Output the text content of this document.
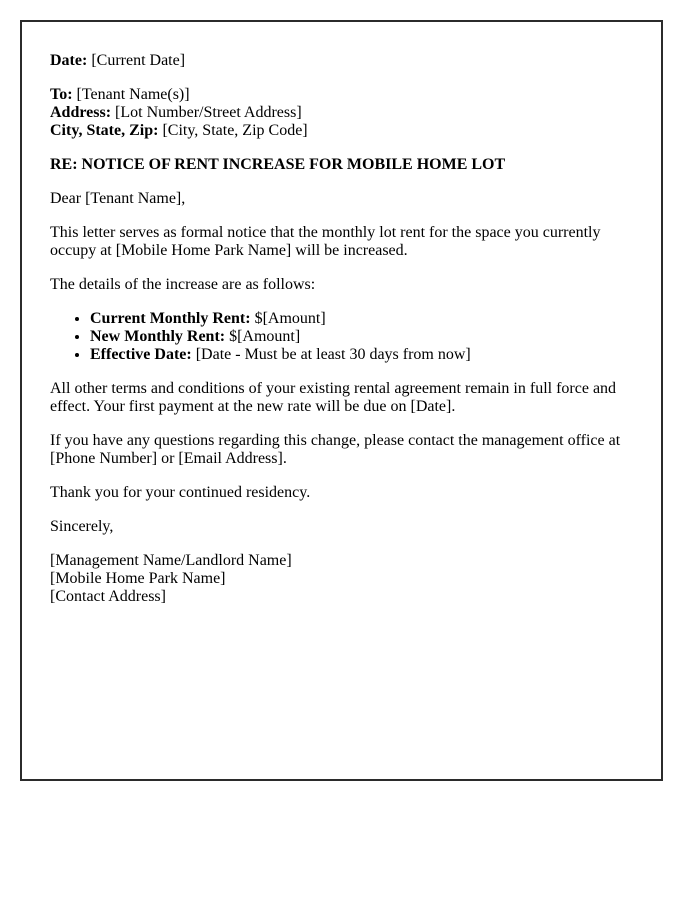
Date: [Current Date]

To: [Tenant Name(s)]
Address: [Lot Number/Street Address]
City, State, Zip: [City, State, Zip Code]

RE: NOTICE OF RENT INCREASE FOR MOBILE HOME LOT

Dear [Tenant Name],

This letter serves as formal notice that the monthly lot rent for the space you currently occupy at [Mobile Home Park Name] will be increased.

The details of the increase are as follows:

• Current Monthly Rent: $[Amount]
• New Monthly Rent: $[Amount]
• Effective Date: [Date - Must be at least 30 days from now]

All other terms and conditions of your existing rental agreement remain in full force and effect. Your first payment at the new rate will be due on [Date].

If you have any questions regarding this change, please contact the management office at [Phone Number] or [Email Address].

Thank you for your continued residency.

Sincerely,

[Management Name/Landlord Name]
[Mobile Home Park Name]
[Contact Address]
